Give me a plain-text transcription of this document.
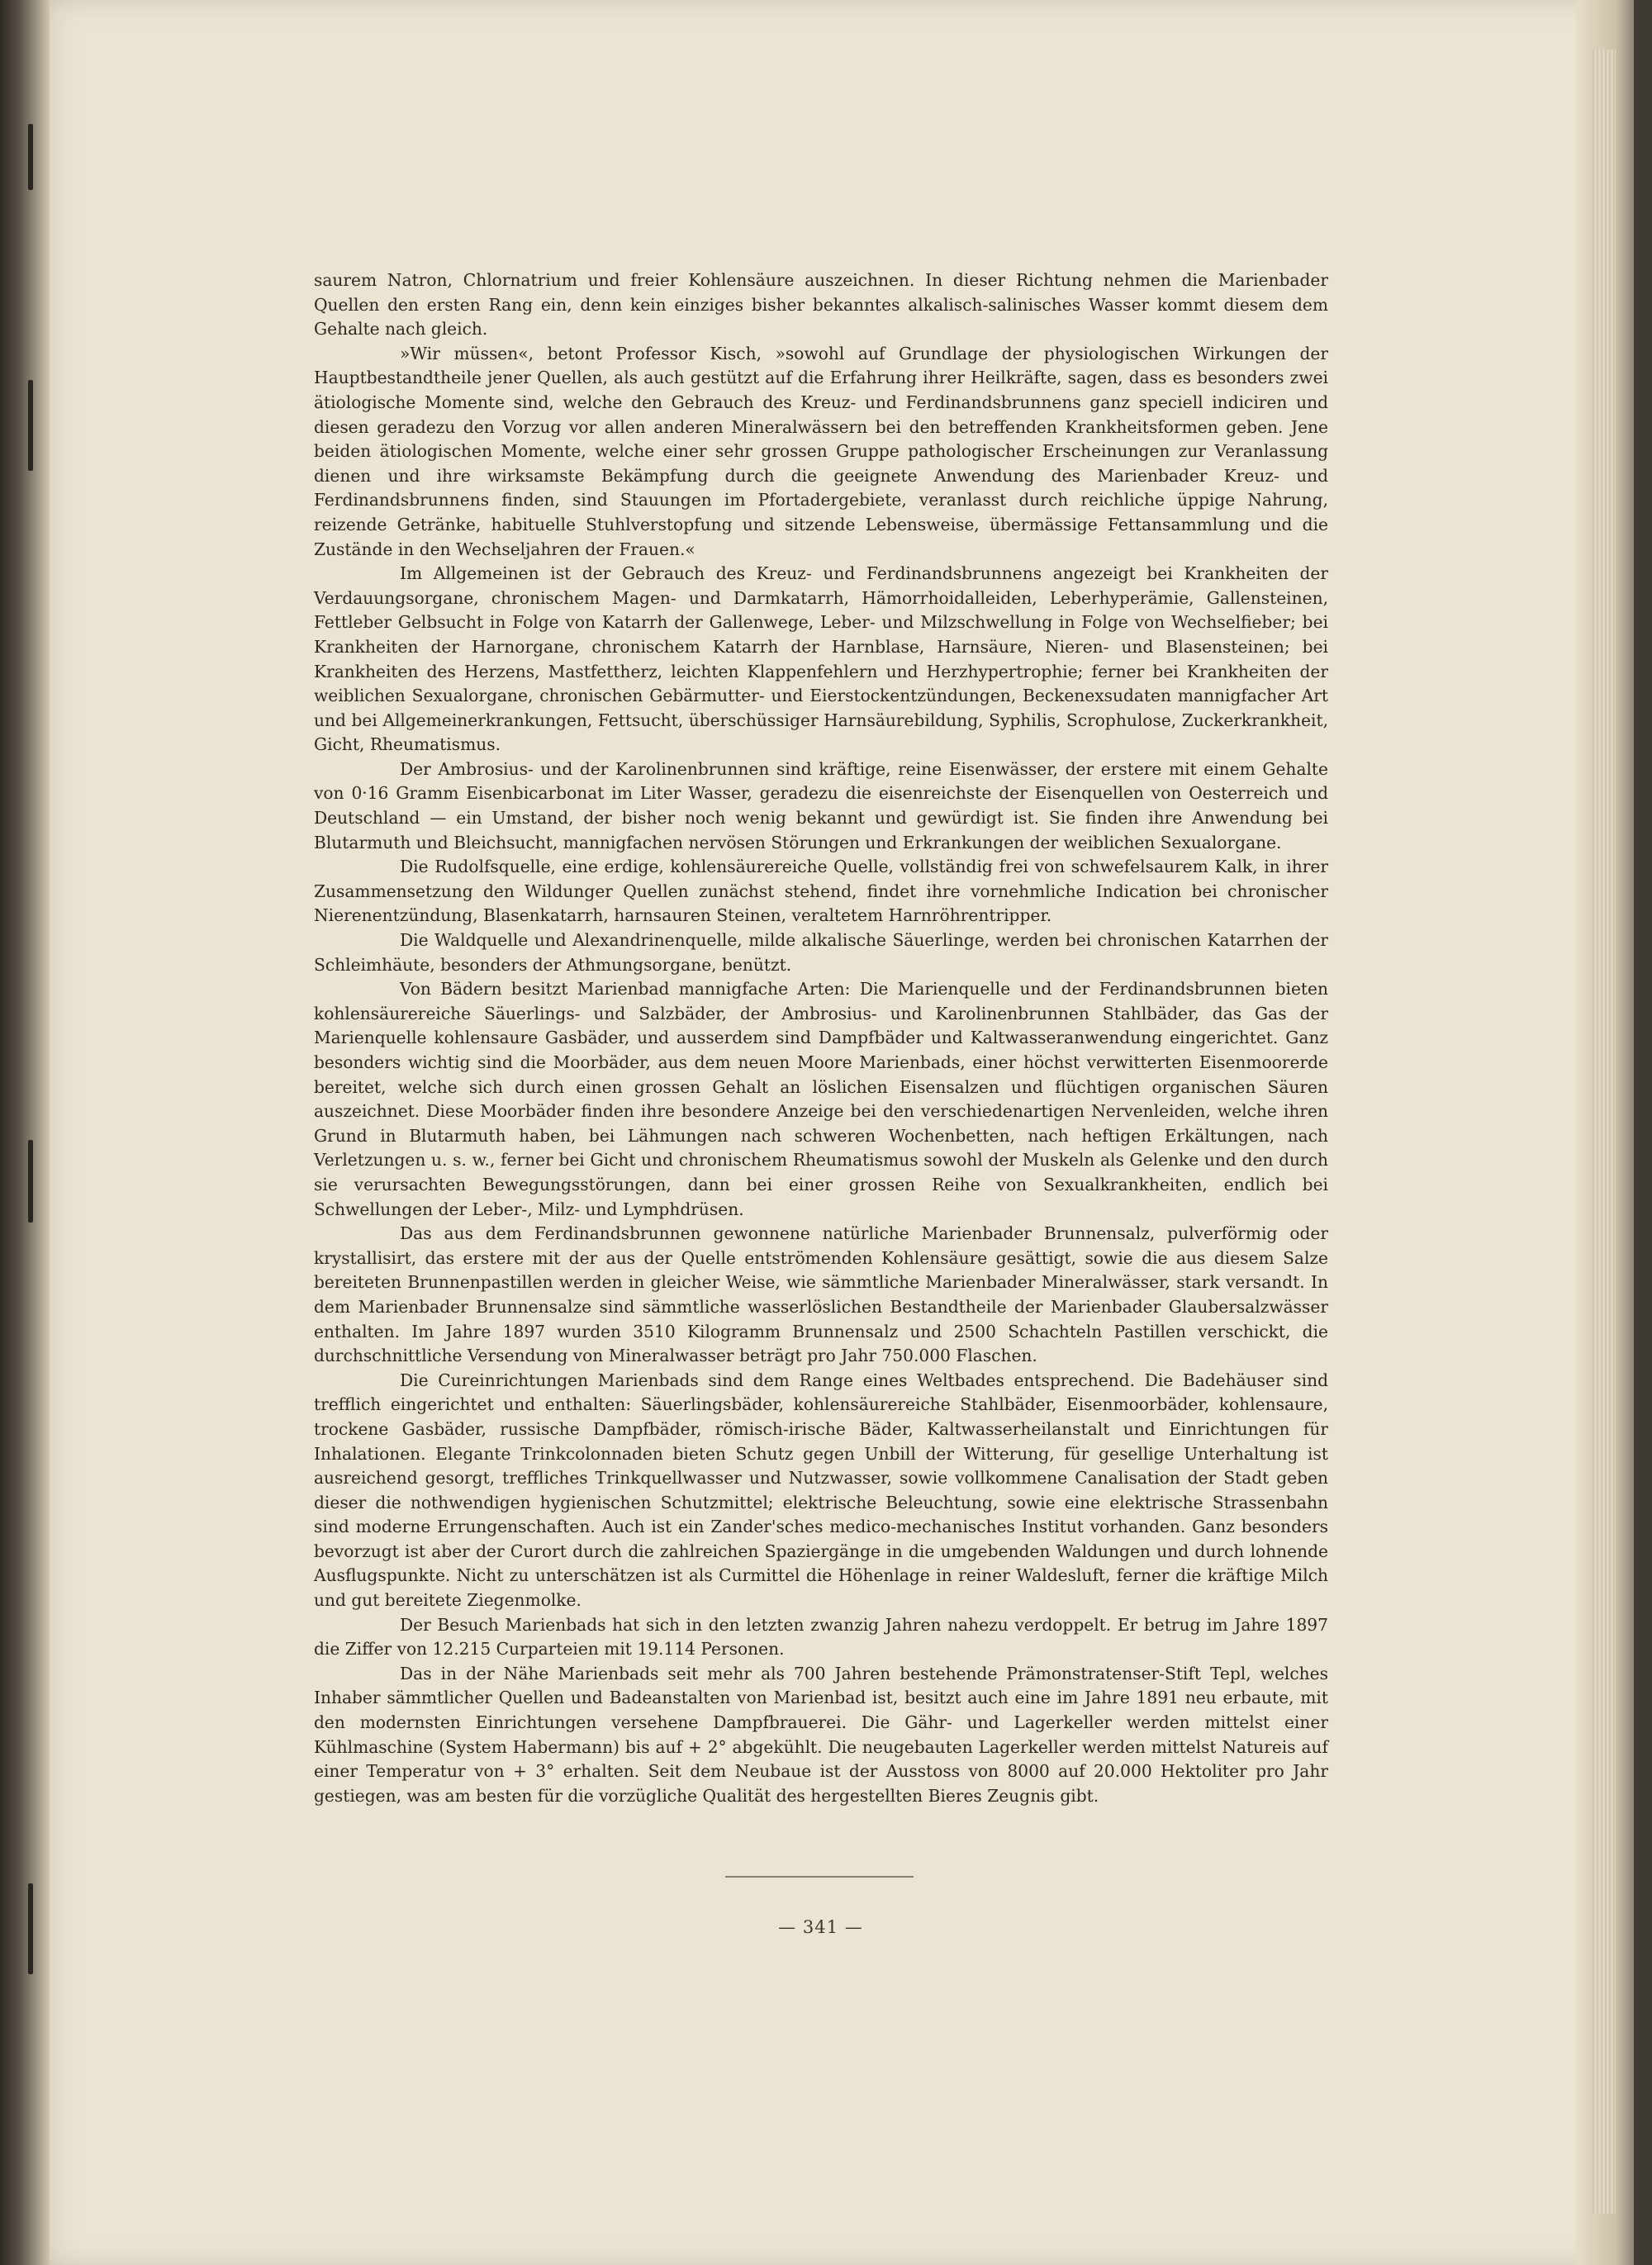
saurem Natron, Chlornatrium und freier Kohlensäure auszeichnen. In dieser Richtung nehmen die Marienbader Quellen den ersten Rang ein, denn kein einziges bisher bekanntes alkalisch-salinisches Wasser kommt diesem dem Gehalte nach gleich.

»Wir müssen«, betont Professor Kisch, »sowohl auf Grundlage der physiologischen Wirkungen der Hauptbestandtheile jener Quellen, als auch gestützt auf die Erfahrung ihrer Heilkräfte, sagen, dass es besonders zwei ätiologische Momente sind, welche den Gebrauch des Kreuz- und Ferdinandsbrunnens ganz speciell indiciren und diesen geradezu den Vorzug vor allen anderen Mineralwässern bei den betreffenden Krankheitsformen geben. Jene beiden ätiologischen Momente, welche einer sehr grossen Gruppe pathologischer Erscheinungen zur Veranlassung dienen und ihre wirksamste Bekämpfung durch die geeignete Anwendung des Marienbader Kreuz- und Ferdinandsbrunnens finden, sind Stauungen im Pfortadergebiete, veranlasst durch reichliche üppige Nahrung, reizende Getränke, habituelle Stuhlverstopfung und sitzende Lebensweise, übermässige Fettansammlung und die Zustände in den Wechseljahren der Frauen.«

Im Allgemeinen ist der Gebrauch des Kreuz- und Ferdinandsbrunnens angezeigt bei Krankheiten der Verdauungsorgane, chronischem Magen- und Darmkatarrh, Hämorrhoidalleiden, Leberhyperämie, Gallensteinen, Fettleber Gelbsucht in Folge von Katarrh der Gallenwege, Leber- und Milzschwellung in Folge von Wechselfieber; bei Krankheiten der Harnorgane, chronischem Katarrh der Harnblase, Harnsäure, Nieren- und Blasensteinen; bei Krankheiten des Herzens, Mastfettherz, leichten Klappenfehlern und Herzhypertrophie; ferner bei Krankheiten der weiblichen Sexualorgane, chronischen Gebärmutter- und Eierstockentzündungen, Beckenexsudaten mannigfacher Art und bei Allgemeinerkrankungen, Fettsucht, überschüssiger Harnsäurebildung, Syphilis, Scrophulose, Zuckerkrankheit, Gicht, Rheumatismus.

Der Ambrosius- und der Karolinenbrunnen sind kräftige, reine Eisenwässer, der erstere mit einem Gehalte von 0·16 Gramm Eisenbicarbonat im Liter Wasser, geradezu die eisenreichste der Eisenquellen von Oesterreich und Deutschland — ein Umstand, der bisher noch wenig bekannt und gewürdigt ist. Sie finden ihre Anwendung bei Blutarmuth und Bleichsucht, mannigfachen nervösen Störungen und Erkrankungen der weiblichen Sexualorgane.

Die Rudolfsquelle, eine erdige, kohlensäurereiche Quelle, vollständig frei von schwefelsaurem Kalk, in ihrer Zusammensetzung den Wildunger Quellen zunächst stehend, findet ihre vornehmliche Indication bei chronischer Nierenentzündung, Blasenkatarrh, harnsauren Steinen, veraltetem Harnröhrentripper.

Die Waldquelle und Alexandrinenquelle, milde alkalische Säuerlinge, werden bei chronischen Katarrhen der Schleimhäute, besonders der Athmungsorgane, benützt.

Von Bädern besitzt Marienbad mannigfache Arten: Die Marienquelle und der Ferdinandsbrunnen bieten kohlensäurereiche Säuerlings- und Salzbäder, der Ambrosius- und Karolinenbrunnen Stahlbäder, das Gas der Marienquelle kohlensaure Gasbäder, und ausserdem sind Dampfbäder und Kaltwasseranwendung eingerichtet. Ganz besonders wichtig sind die Moorbäder, aus dem neuen Moore Marienbads, einer höchst verwitterten Eisenmoorerde bereitet, welche sich durch einen grossen Gehalt an löslichen Eisensalzen und flüchtigen organischen Säuren auszeichnet. Diese Moorbäder finden ihre besondere Anzeige bei den verschiedenartigen Nervenleiden, welche ihren Grund in Blutarmuth haben, bei Lähmungen nach schweren Wochenbetten, nach heftigen Erkältungen, nach Verletzungen u. s. w., ferner bei Gicht und chronischem Rheumatismus sowohl der Muskeln als Gelenke und den durch sie verursachten Bewegungsstörungen, dann bei einer grossen Reihe von Sexualkrankheiten, endlich bei Schwellungen der Leber-, Milz- und Lymphdrüsen.

Das aus dem Ferdinandsbrunnen gewonnene natürliche Marienbader Brunnensalz, pulverförmig oder krystallisirt, das erstere mit der aus der Quelle entströmenden Kohlensäure gesättigt, sowie die aus diesem Salze bereiteten Brunnenpastillen werden in gleicher Weise, wie sämmtliche Marienbader Mineralwässer, stark versandt. In dem Marienbader Brunnensalze sind sämmtliche wasserlöslichen Bestandtheile der Marienbader Glaubersalzwässer enthalten. Im Jahre 1897 wurden 3510 Kilogramm Brunnensalz und 2500 Schachteln Pastillen verschickt, die durchschnittliche Versendung von Mineralwasser beträgt pro Jahr 750.000 Flaschen.

Die Cureinrichtungen Marienbads sind dem Range eines Weltbades entsprechend. Die Badehäuser sind trefflich eingerichtet und enthalten: Säuerlingsbäder, kohlensäurereiche Stahlbäder, Eisenmoorbäder, kohlensaure, trockene Gasbäder, russische Dampfbäder, römisch-irische Bäder, Kaltwasserheilanstalt und Einrichtungen für Inhalationen. Elegante Trinkcolonnaden bieten Schutz gegen Unbill der Witterung, für gesellige Unterhaltung ist ausreichend gesorgt, treffliches Trinkquellwasser und Nutzwasser, sowie vollkommene Canalisation der Stadt geben dieser die nothwendigen hygienischen Schutzmittel; elektrische Beleuchtung, sowie eine elektrische Strassenbahn sind moderne Errungenschaften. Auch ist ein Zander'sches medico-mechanisches Institut vorhanden. Ganz besonders bevorzugt ist aber der Curort durch die zahlreichen Spaziergänge in die umgebenden Waldungen und durch lohnende Ausflugspunkte. Nicht zu unterschätzen ist als Curmittel die Höhenlage in reiner Waldesluft, ferner die kräftige Milch und gut bereitete Ziegenmolke.

Der Besuch Marienbads hat sich in den letzten zwanzig Jahren nahezu verdoppelt. Er betrug im Jahre 1897 die Ziffer von 12.215 Curparteien mit 19.114 Personen.

Das in der Nähe Marienbads seit mehr als 700 Jahren bestehende Prämonstratenser-Stift Tepl, welches Inhaber sämmtlicher Quellen und Badeanstalten von Marienbad ist, besitzt auch eine im Jahre 1891 neu erbaute, mit den modernsten Einrichtungen versehene Dampfbrauerei. Die Gähr- und Lagerkeller werden mittelst einer Kühlmaschine (System Habermann) bis auf + 2° abgekühlt. Die neugebauten Lagerkeller werden mittelst Natureis auf einer Temperatur von + 3° erhalten. Seit dem Neubaue ist der Ausstoss von 8000 auf 20.000 Hektoliter pro Jahr gestiegen, was am besten für die vorzügliche Qualität des hergestellten Bieres Zeugnis gibt.

— 341 —
